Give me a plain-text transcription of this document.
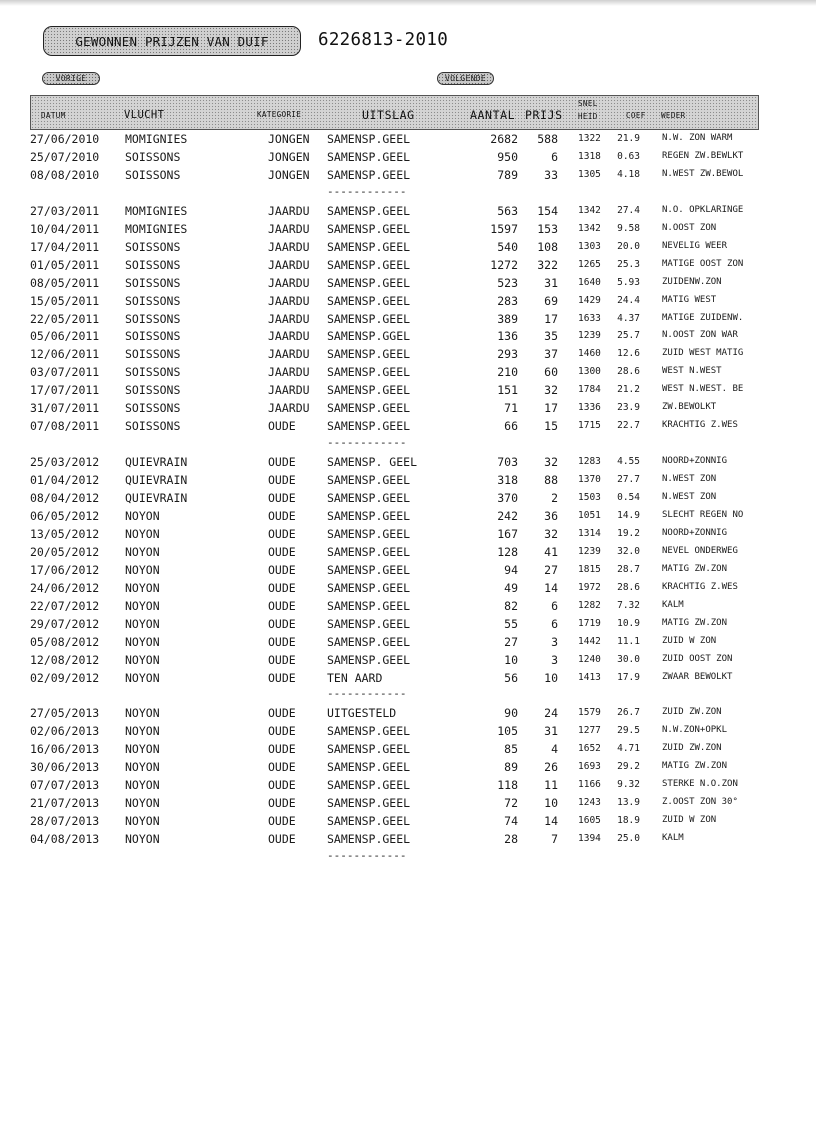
GEWONNEN PRIJZEN VAN DUIF	6226813-2010
VORIGE	VOLGENDE
DATUM	VLUCHT	KATEGORIE	UITSLAG	AANTAL PRIJS
SNEL
HEID	COEF WEDER
27/06/2010 MOMIGNIES	JONGEN SAMENSP.GEEL	2682 588 1322 21.9 N.W. ZON WARM
25/07/2010 SOISSONS	JONGEN SAMENSP.GEEL	950	6 1318 0.63 REGEN ZW.BEWLKT
08/08/2010 SOISSONS	JONGEN SAMENSP.GEEL	789 33 1305 4.18 N.WEST ZW.BEWOL
------------
27/03/2011 MOMIGNIES	JAARDU SAMENSP.GEEL	563 154 1342 27.4 N.O. OPKLARINGE
10/04/2011 MOMIGNIES	JAARDU SAMENSP.GEEL	1597 153 1342 9.58 N.OOST ZON
17/04/2011 SOISSONS	JAARDU SAMENSP.GEEL	540 108 1303 20.0 NEVELIG WEER
01/05/2011 SOISSONS	JAARDU SAMENSP.GEEL	1272 322 1265 25.3 MATIGE OOST ZON
08/05/2011 SOISSONS	JAARDU SAMENSP.GEEL	523 31 1640 5.93 ZUIDENW.ZON
15/05/2011 SOISSONS	JAARDU SAMENSP.GEEL	283 69 1429 24.4 MATIG WEST
22/05/2011 SOISSONS	JAARDU SAMENSP.GEEL	389 17 1633 4.37 MATIGE ZUIDENW.
05/06/2011 SOISSONS	JAARDU SAMENSP.GGEL	136 35 1239 25.7 N.OOST ZON WAR
12/06/2011 SOISSONS	JAARDU SAMENSP.GEEL	293 37 1460 12.6 ZUID WEST MATIG
03/07/2011 SOISSONS	JAARDU SAMENSP.GEEL	210 60 1300 28.6 WEST N.WEST
17/07/2011 SOISSONS	JAARDU SAMENSP.GEEL	151 32 1784 21.2 WEST N.WEST. BE
31/07/2011 SOISSONS	JAARDU SAMENSP.GEEL	71 17 1336 23.9 ZW.BEWOLKT
07/08/2011 SOISSONS	OUDE	SAMENSP.GEEL	66 15 1715 22.7 KRACHTIG Z.WES
------------
25/03/2012 QUIEVRAIN	OUDE	SAMENSP. GEEL	703 32 1283 4.55 NOORD+ZONNIG
01/04/2012 QUIEVRAIN	OUDE	SAMENSP.GEEL	318 88 1370 27.7 N.WEST ZON
08/04/2012 QUIEVRAIN	OUDE	SAMENSP.GEEL	370	2 1503 0.54 N.WEST ZON
06/05/2012 NOYON	OUDE	SAMENSP.GEEL	242 36 1051 14.9 SLECHT REGEN NO
13/05/2012 NOYON	OUDE	SAMENSP.GEEL	167 32 1314 19.2 NOORD+ZONNIG
20/05/2012 NOYON	OUDE	SAMENSP.GEEL	128 41 1239 32.0 NEVEL ONDERWEG
17/06/2012 NOYON	OUDE	SAMENSP.GEEL	94 27 1815 28.7 MATIG ZW.ZON
24/06/2012 NOYON	OUDE	SAMENSP.GEEL	49 14 1972 28.6 KRACHTIG Z.WES
22/07/2012 NOYON	OUDE	SAMENSP.GEEL	82	6 1282 7.32 KALM
29/07/2012 NOYON	OUDE	SAMENSP.GEEL	55	6 1719 10.9 MATIG ZW.ZON
05/08/2012 NOYON	OUDE	SAMENSP.GEEL	27	3 1442 11.1 ZUID W ZON
12/08/2012 NOYON	OUDE	SAMENSP.GEEL	10	3 1240 30.0 ZUID OOST ZON
02/09/2012 NOYON	OUDE	TEN AARD	56 10 1413 17.9 ZWAAR BEWOLKT
------------
27/05/2013 NOYON	OUDE	UITGESTELD	90 24 1579 26.7 ZUID ZW.ZON
02/06/2013 NOYON	OUDE	SAMENSP.GEEL	105 31 1277 29.5 N.W.ZON+OPKL
16/06/2013 NOYON	OUDE	SAMENSP.GEEL	85	4 1652 4.71 ZUID ZW.ZON
30/06/2013 NOYON	OUDE	SAMENSP.GEEL	89 26 1693 29.2 MATIG ZW.ZON
07/07/2013 NOYON	OUDE	SAMENSP.GEEL	118 11 1166 9.32 STERKE N.O.ZON
21/07/2013 NOYON	OUDE	SAMENSP.GEEL	72 10 1243 13.9 Z.OOST ZON 30°
28/07/2013 NOYON	OUDE	SAMENSP.GEEL	74 14 1605 18.9 ZUID W ZON
04/08/2013 NOYON	OUDE	SAMENSP.GEEL	28	7 1394 25.0 KALM
------------
